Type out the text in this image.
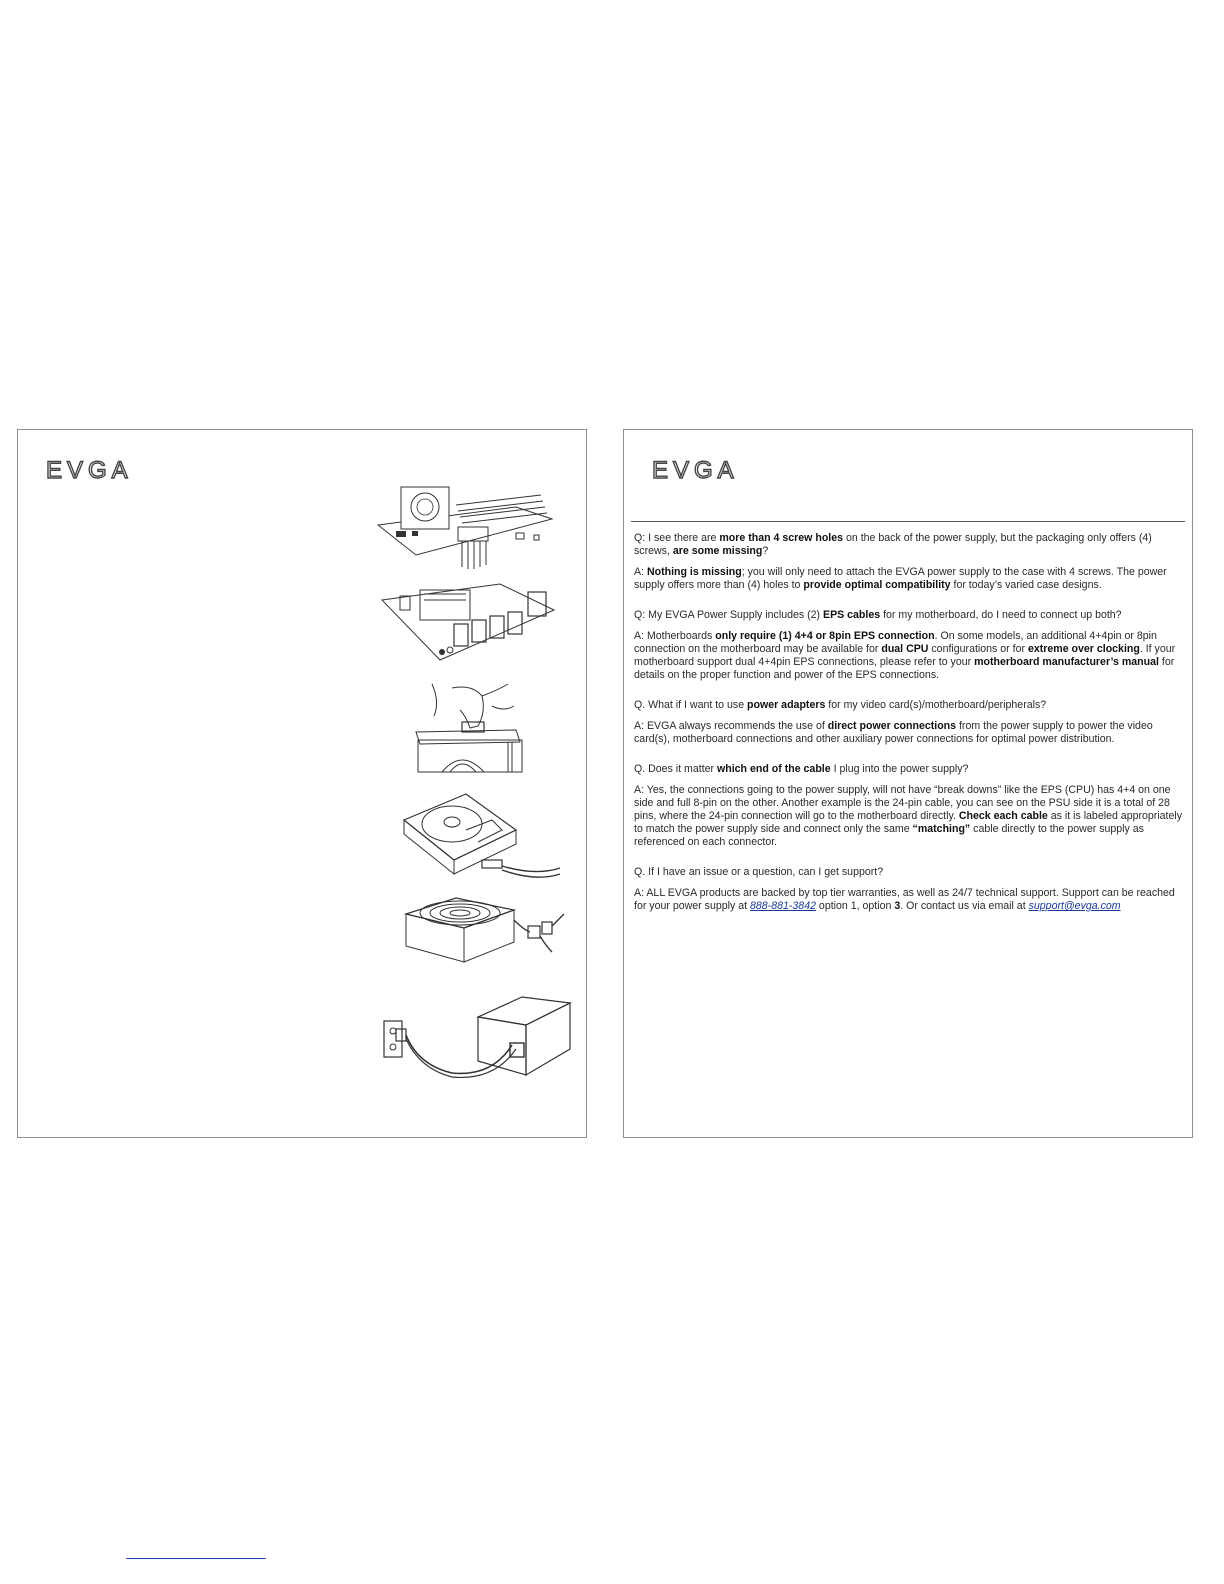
EVGA	EVGA

Q: I see there are more than 4 screw holes on the back of the power supply, but the packaging only offers (4) screws, are some missing?

A: Nothing is missing; you will only need to attach the EVGA power supply to the case with 4 screws. The power supply offers more than (4) holes to provide optimal compatibility for today’s varied case designs.

Q: My EVGA Power Supply includes (2) EPS cables for my motherboard, do I need to connect up both?

A: Motherboards only require (1) 4+4 or 8pin EPS connection. On some models, an additional 4+4pin or 8pin connection on the motherboard may be available for dual CPU configurations or for extreme over clocking. If your motherboard support dual 4+4pin EPS connections, please refer to your motherboard manufacturer’s manual for details on the proper function and power of the EPS connections.

Q. What if I want to use power adapters for my video card(s)/motherboard/peripherals?

A: EVGA always recommends the use of direct power connections from the power supply to power the video card(s), motherboard connections and other auxiliary power connections for optimal power distribution.

Q. Does it matter which end of the cable I plug into the power supply?

A: Yes, the connections going to the power supply, will not have “break downs” like the EPS (CPU) has 4+4 on one side and full 8-pin on the other. Another example is the 24-pin cable, you can see on the PSU side it is a total of 28 pins, where the 24-pin connection will go to the motherboard directly. Check each cable as it is labeled appropriately to match the power supply side and connect only the same “matching” cable directly to the power supply as referenced on each connector.

Q. If I have an issue or a question, can I get support?

A: ALL EVGA products are backed by top tier warranties, as well as 24/7 technical support. Support can be reached for your power supply at 888-881-3842 option 1, option 3. Or contact us via email at support@evga.com
